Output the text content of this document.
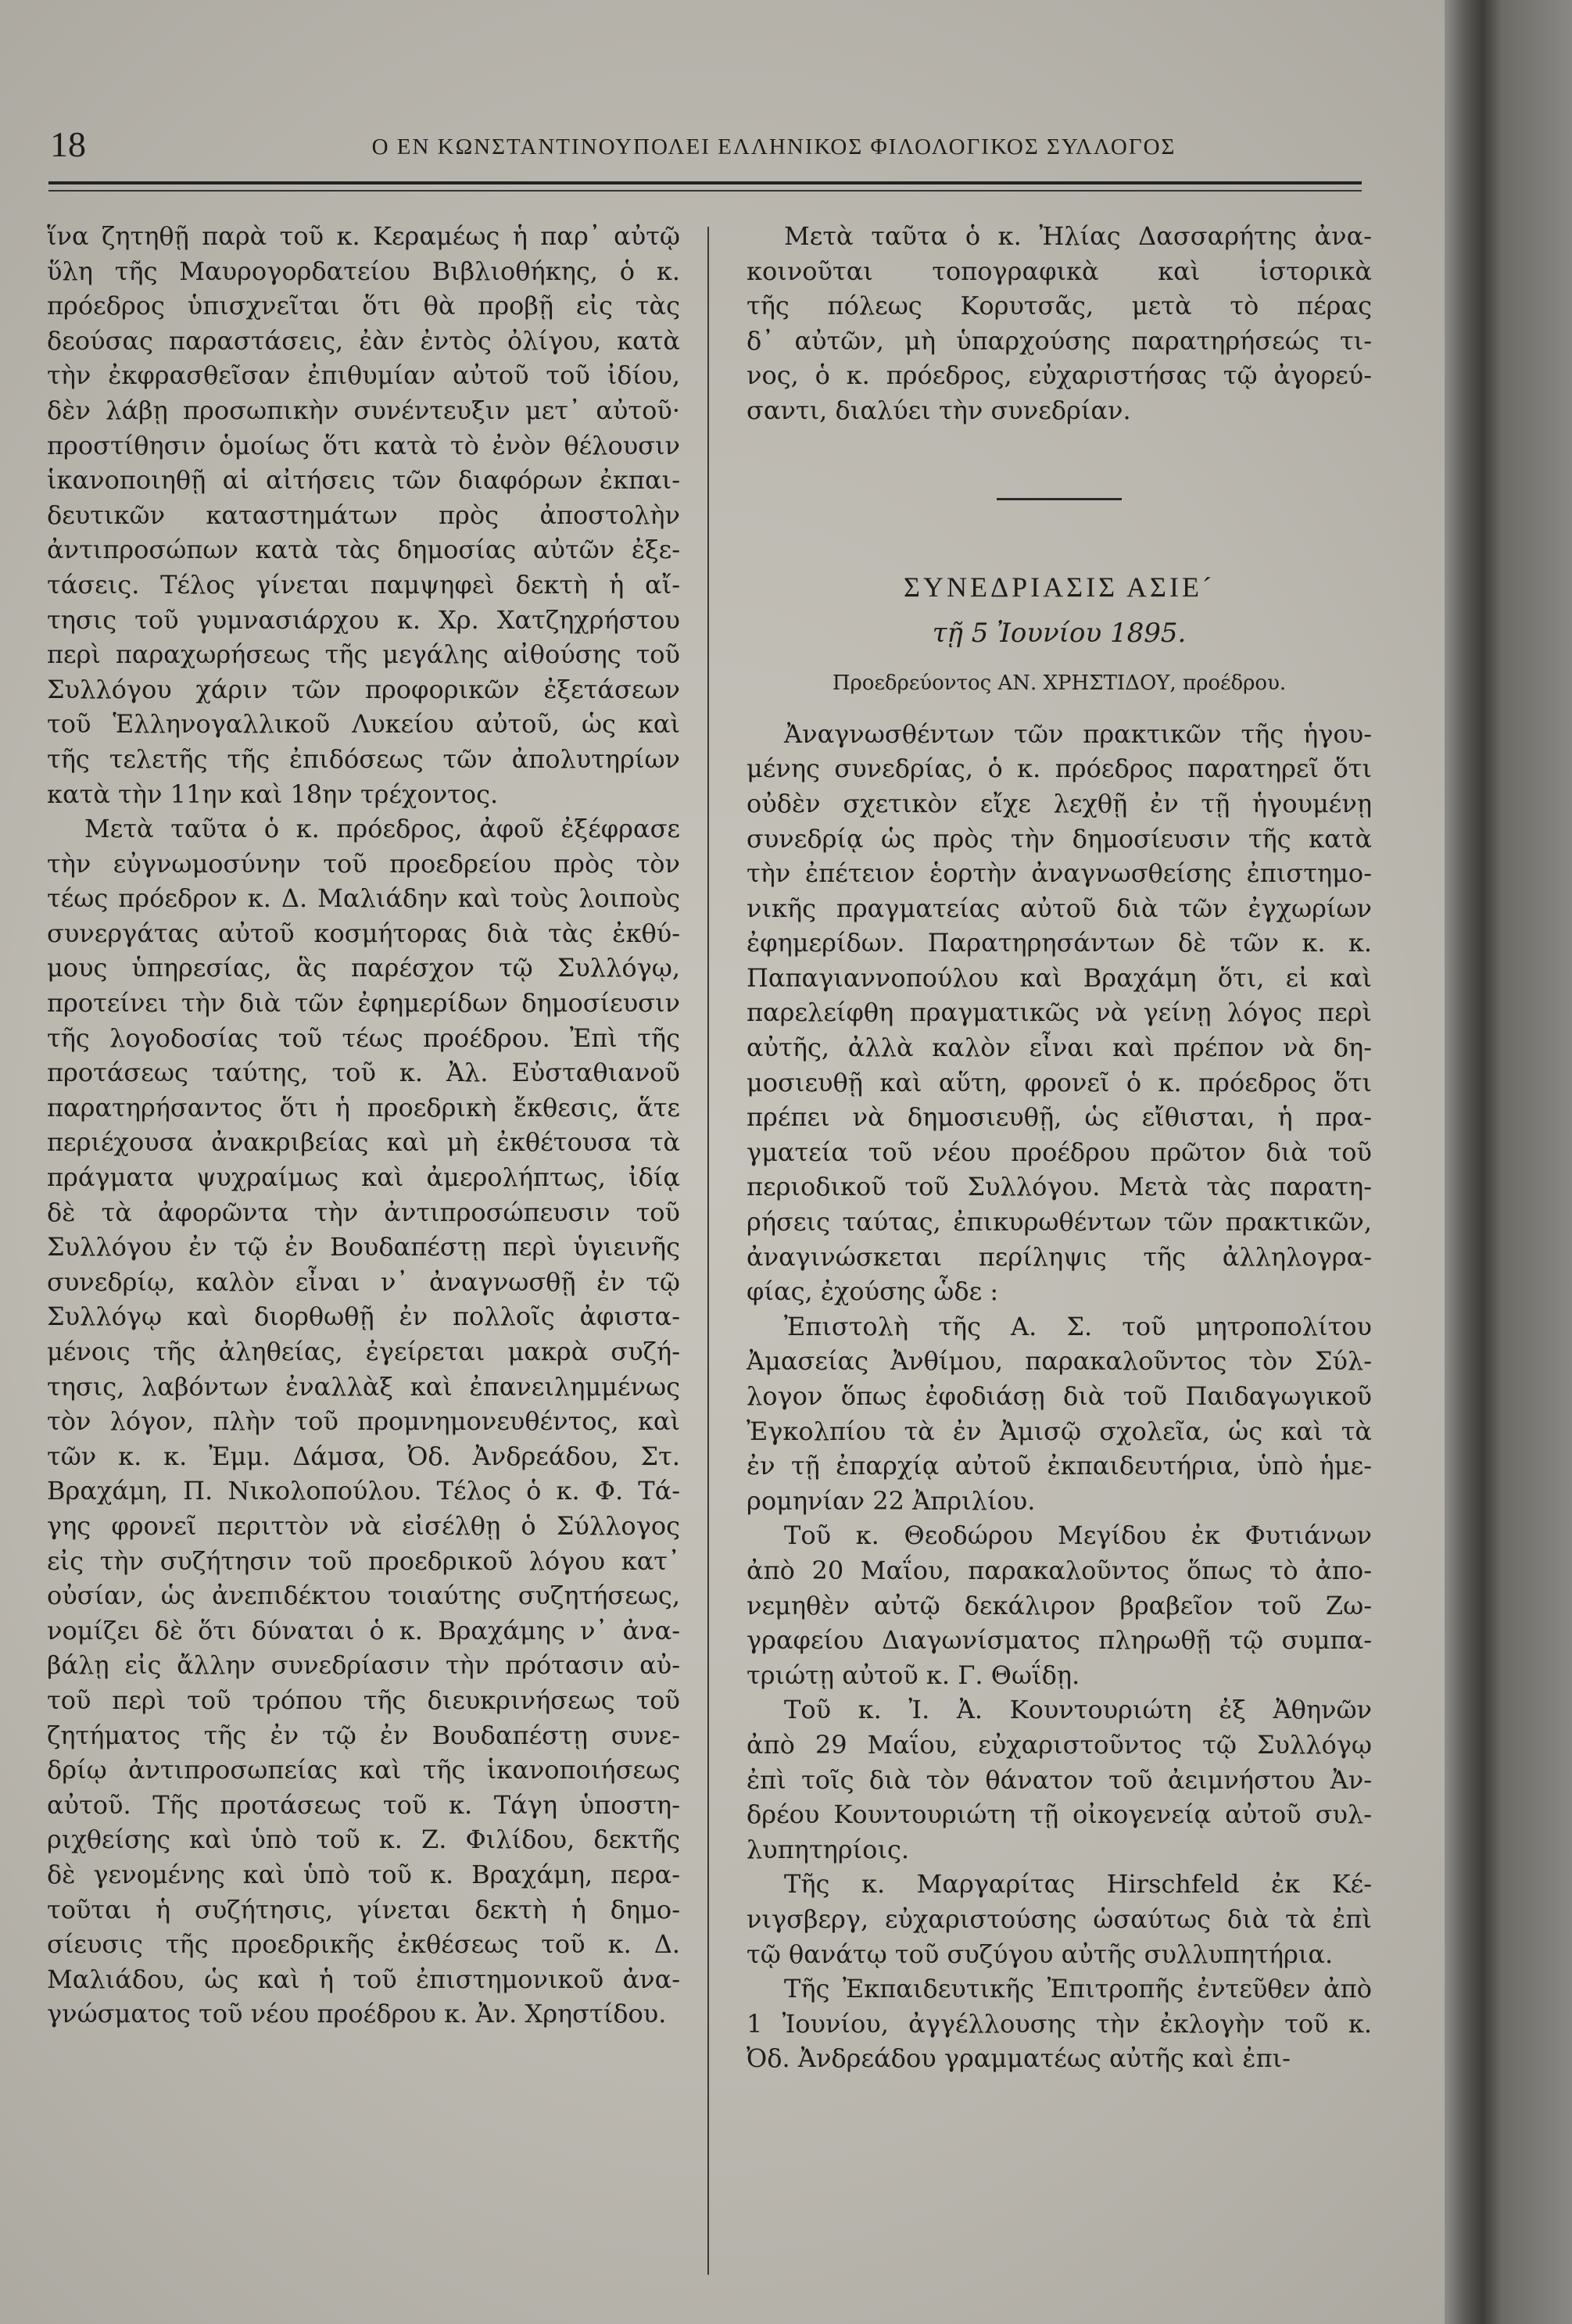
18	Ο ΕΝ ΚΩΝΣΤΑΝΤΙΝΟΥΠΟΛΕΙ ΕΛΛΗΝΙΚΟΣ ΦΙΛΟΛΟΓΙΚΟΣ ΣΥΛΛΟΓΟΣ
ἵνα ζητηθῇ παρὰ τοῦ κ. Κεραμέως ἡ παρ᾽ αὐτῷ
ὕλη τῆς Μαυρογορδατείου Βιβλιοθήκης, ὁ κ.
πρόεδρος ὑπισχνεῖται ὅτι θὰ προβῇ εἰς τὰς
δεούσας παραστάσεις, ἐὰν ἐντὸς ὀλίγου, κατὰ
τὴν ἐκφρασθεῖσαν ἐπιθυμίαν αὐτοῦ τοῦ ἰδίου,
δὲν λάβῃ προσωπικὴν συνέντευξιν μετ᾽ αὐτοῦ·
προστίθησιν ὁμοίως ὅτι κατὰ τὸ ἐνὸν θέλουσιν
ἱκανοποιηθῇ αἱ αἰτήσεις τῶν διαφόρων ἐκπαι-
δευτικῶν καταστημάτων πρὸς ἀποστολὴν
ἀντιπροσώπων κατὰ τὰς δημοσίας αὐτῶν ἐξε-
τάσεις. Τέλος γίνεται παμψηφεὶ δεκτὴ ἡ αἴ-
τησις τοῦ γυμνασιάρχου κ. Χρ. Χατζηχρήστου
περὶ παραχωρήσεως τῆς μεγάλης αἰθούσης τοῦ
Συλλόγου χάριν τῶν προφορικῶν ἐξετάσεων
τοῦ Ἑλληνογαλλικοῦ Λυκείου αὐτοῦ, ὡς καὶ
τῆς τελετῆς τῆς ἐπιδόσεως τῶν ἀπολυτηρίων
κατὰ τὴν 11ην καὶ 18ην τρέχοντος.
Μετὰ ταῦτα ὁ κ. πρόεδρος, ἀφοῦ ἐξέφρασε
τὴν εὐγνωμοσύνην τοῦ προεδρείου πρὸς τὸν
τέως πρόεδρον κ. Δ. Μαλιάδην καὶ τοὺς λοιποὺς
συνεργάτας αὐτοῦ κοσμήτορας διὰ τὰς ἐκθύ-
μους ὑπηρεσίας, ἃς παρέσχον τῷ Συλλόγῳ,
προτείνει τὴν διὰ τῶν ἐφημερίδων δημοσίευσιν
τῆς λογοδοσίας τοῦ τέως προέδρου. Ἐπὶ τῆς
προτάσεως ταύτης, τοῦ κ. Ἀλ. Εὐσταθιανοῦ
παρατηρήσαντος ὅτι ἡ προεδρικὴ ἔκθεσις, ἅτε
περιέχουσα ἀνακριβείας καὶ μὴ ἐκθέτουσα τὰ
πράγματα ψυχραίμως καὶ ἀμερολήπτως, ἰδίᾳ
δὲ τὰ ἀφορῶντα τὴν ἀντιπροσώπευσιν τοῦ
Συλλόγου ἐν τῷ ἐν Βουδαπέστῃ περὶ ὑγιεινῆς
συνεδρίῳ, καλὸν εἶναι ν᾽ ἀναγνωσθῇ ἐν τῷ
Συλλόγῳ καὶ διορθωθῇ ἐν πολλοῖς ἀφιστα-
μένοις τῆς ἀληθείας, ἐγείρεται μακρὰ συζή-
τησις, λαβόντων ἐναλλὰξ καὶ ἐπανειλημμένως
τὸν λόγον, πλὴν τοῦ προμνημονευθέντος, καὶ
τῶν κ. κ. Ἐμμ. Δάμσα, Ὀδ. Ἀνδρεάδου, Στ.
Βραχάμη, Π. Νικολοπούλου. Τέλος ὁ κ. Φ. Τά-
γης φρονεῖ περιττὸν νὰ εἰσέλθῃ ὁ Σύλλογος
εἰς τὴν συζήτησιν τοῦ προεδρικοῦ λόγου κατ᾽
οὐσίαν, ὡς ἀνεπιδέκτου τοιαύτης συζητήσεως,
νομίζει δὲ ὅτι δύναται ὁ κ. Βραχάμης ν᾽ ἀνα-
βάλῃ εἰς ἄλλην συνεδρίασιν τὴν πρότασιν αὐ-
τοῦ περὶ τοῦ τρόπου τῆς διευκρινήσεως τοῦ
ζητήματος τῆς ἐν τῷ ἐν Βουδαπέστῃ συνε-
δρίῳ ἀντιπροσωπείας καὶ τῆς ἱκανοποιήσεως
αὐτοῦ. Τῆς προτάσεως τοῦ κ. Τάγη ὑποστη-
ριχθείσης καὶ ὑπὸ τοῦ κ. Ζ. Φιλίδου, δεκτῆς
δὲ γενομένης καὶ ὑπὸ τοῦ κ. Βραχάμη, περα-
τοῦται ἡ συζήτησις, γίνεται δεκτὴ ἡ δημο-
σίευσις τῆς προεδρικῆς ἐκθέσεως τοῦ κ. Δ.
Μαλιάδου, ὡς καὶ ἡ τοῦ ἐπιστημονικοῦ ἀνα-
γνώσματος τοῦ νέου προέδρου κ. Ἀν. Χρηστίδου.
Μετὰ ταῦτα ὁ κ. Ἠλίας Δασσαρήτης ἀνα-
κοινοῦται τοπογραφικὰ καὶ ἱστορικὰ
τῆς πόλεως Κορυτσᾶς, μετὰ τὸ πέρας
δ᾽ αὐτῶν, μὴ ὑπαρχούσης παρατηρήσεώς τι-
νος, ὁ κ. πρόεδρος, εὐχαριστήσας τῷ ἀγορεύ-
σαντι, διαλύει τὴν συνεδρίαν.
ΣΥΝΕΔΡΙΑΣΙΣ ΑΣΙΕ´
τῇ 5 Ἰουνίου 1895.
Προεδρεύοντος ΑΝ. ΧΡΗΣΤΙΔΟΥ, προέδρου.
Ἀναγνωσθέντων τῶν πρακτικῶν τῆς ἡγου-
μένης συνεδρίας, ὁ κ. πρόεδρος παρατηρεῖ ὅτι
οὐδὲν σχετικὸν εἴχε λεχθῇ ἐν τῇ ἡγουμένῃ
συνεδρίᾳ ὡς πρὸς τὴν δημοσίευσιν τῆς κατὰ
τὴν ἐπέτειον ἑορτὴν ἀναγνωσθείσης ἐπιστημο-
νικῆς πραγματείας αὐτοῦ διὰ τῶν ἐγχωρίων
ἐφημερίδων. Παρατηρησάντων δὲ τῶν κ. κ.
Παπαγιαννοπούλου καὶ Βραχάμη ὅτι, εἰ καὶ
παρελείφθη πραγματικῶς νὰ γείνῃ λόγος περὶ
αὐτῆς, ἀλλὰ καλὸν εἶναι καὶ πρέπον νὰ δη-
μοσιευθῇ καὶ αὕτη, φρονεῖ ὁ κ. πρόεδρος ὅτι
πρέπει νὰ δημοσιευθῇ, ὡς εἴθισται, ἡ πρα-
γματεία τοῦ νέου προέδρου πρῶτον διὰ τοῦ
περιοδικοῦ τοῦ Συλλόγου. Μετὰ τὰς παρατη-
ρήσεις ταύτας, ἐπικυρωθέντων τῶν πρακτικῶν,
ἀναγινώσκεται περίληψις τῆς ἀλληλογρα-
φίας, ἐχούσης ὧδε :
Ἐπιστολὴ τῆς Α. Σ. τοῦ μητροπολίτου
Ἀμασείας Ἀνθίμου, παρακαλοῦντος τὸν Σύλ-
λογον ὅπως ἐφοδιάσῃ διὰ τοῦ Παιδαγωγικοῦ
Ἐγκολπίου τὰ ἐν Ἀμισῷ σχολεῖα, ὡς καὶ τὰ
ἐν τῇ ἐπαρχίᾳ αὐτοῦ ἐκπαιδευτήρια, ὑπὸ ἡμε-
ρομηνίαν 22 Ἀπριλίου.
Τοῦ κ. Θεοδώρου Μεγίδου ἐκ Φυτιάνων
ἀπὸ 20 Μαΐου, παρακαλοῦντος ὅπως τὸ ἀπο-
νεμηθὲν αὐτῷ δεκάλιρον βραβεῖον τοῦ Ζω-
γραφείου Διαγωνίσματος πληρωθῇ τῷ συμπα-
τριώτῃ αὐτοῦ κ. Γ. Θωΐδῃ.
Τοῦ κ. Ἰ. Ἀ. Κουντουριώτη ἐξ Ἀθηνῶν
ἀπὸ 29 Μαΐου, εὐχαριστοῦντος τῷ Συλλόγῳ
ἐπὶ τοῖς διὰ τὸν θάνατον τοῦ ἀειμνήστου Ἀν-
δρέου Κουντουριώτη τῇ οἰκογενείᾳ αὐτοῦ συλ-
λυπητηρίοις.
Τῆς κ. Μαργαρίτας Hirschfeld ἐκ Κέ-
νιγσβεργ, εὐχαριστούσης ὡσαύτως διὰ τὰ ἐπὶ
τῷ θανάτῳ τοῦ συζύγου αὐτῆς συλλυπητήρια.
Τῆς Ἐκπαιδευτικῆς Ἐπιτροπῆς ἐντεῦθεν ἀπὸ
1 Ἰουνίου, ἀγγέλλουσης τὴν ἐκλογὴν τοῦ κ.
Ὀδ. Ἀνδρεάδου γραμματέως αὐτῆς καὶ ἐπι-
